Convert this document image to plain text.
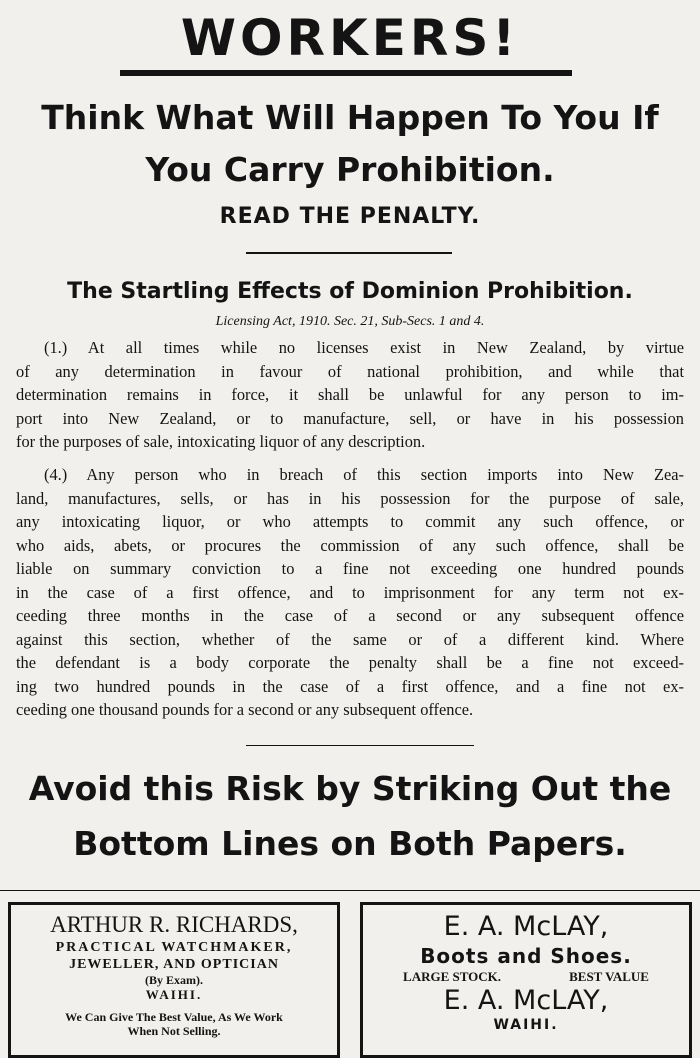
WORKERS!
Think What Will Happen To You If
You Carry Prohibition.
READ THE PENALTY.
The Startling Effects of Dominion Prohibition.
Licensing Act, 1910. Sec. 21, Sub-Secs. 1 and 4.
(1.) At all times while no licenses exist in New Zealand, by virtue
of any determination in favour of national prohibition, and while that
determination remains in force, it shall be unlawful for any person to im-
port into New Zealand, or to manufacture, sell, or have in his possession
for the purposes of sale, intoxicating liquor of any description.
(4.) Any person who in breach of this section imports into New Zea-
land, manufactures, sells, or has in his possession for the purpose of sale,
any intoxicating liquor, or who attempts to commit any such offence, or
who aids, abets, or procures the commission of any such offence, shall be
liable on summary conviction to a fine not exceeding one hundred pounds
in the case of a first offence, and to imprisonment for any term not ex-
ceeding three months in the case of a second or any subsequent offence
against this section, whether of the same or of a different kind. Where
the defendant is a body corporate the penalty shall be a fine not exceed-
ing two hundred pounds in the case of a first offence, and a fine not ex-
ceeding one thousand pounds for a second or any subsequent offence.
Avoid this Risk by Striking Out the
Bottom Lines on Both Papers.
ARTHUR R. RICHARDS,
PRACTICAL WATCHMAKER,
JEWELLER, AND OPTICIAN
(By Exam).
WAIHI.
We Can Give The Best Value, As We Work
When Not Selling.
E. A. McLAY,
Boots and Shoes.
LARGE STOCK.	BEST VALUE
E. A. McLAY,
WAIHI.
